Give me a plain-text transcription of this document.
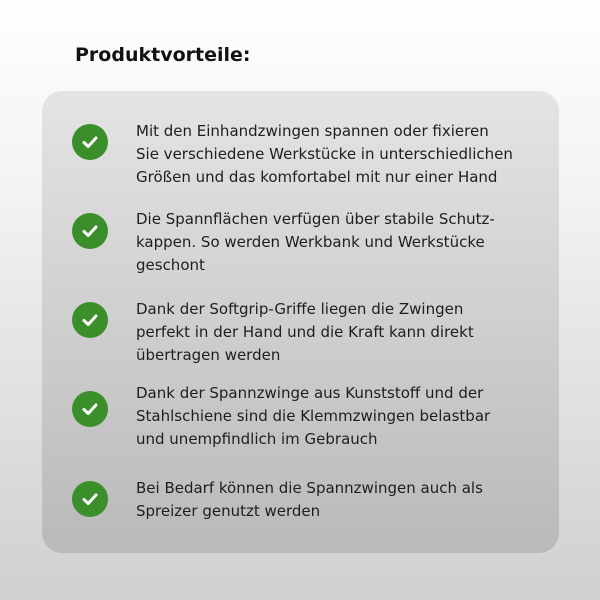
Produktvorteile:

Mit den Einhandzwingen spannen oder fixieren
Sie verschiedene Werkstücke in unterschiedlichen
Größen und das komfortabel mit nur einer Hand

Die Spannflächen verfügen über stabile Schutz-
kappen. So werden Werkbank und Werkstücke
geschont

Dank der Softgrip-Griffe liegen die Zwingen
perfekt in der Hand und die Kraft kann direkt
übertragen werden

Dank der Spannzwinge aus Kunststoff und der
Stahlschiene sind die Klemmzwingen belastbar
und unempfindlich im Gebrauch

Bei Bedarf können die Spannzwingen auch als
Spreizer genutzt werden
